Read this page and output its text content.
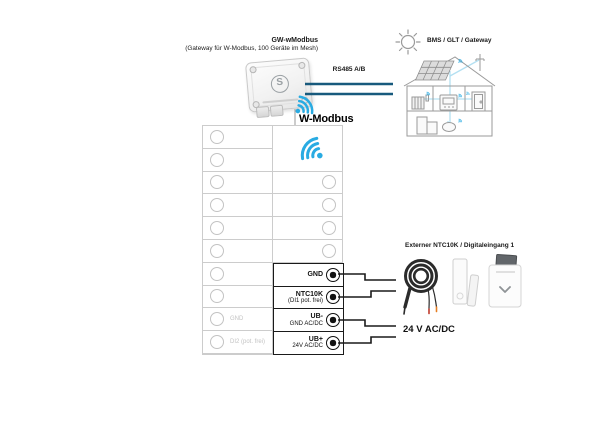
GW-wModbus
(Gateway für W-Modbus, 100 Geräte im Mesh)
S
RS485 A/B
BMS / GLT / Gateway
W-Modbus
GND
DI2 (pot. frei)
GND
NTC10K
(DI1 pot. frei)
UB-
GND AC/DC
UB+
24V AC/DC
Externer NTC10K / Digitaleingang 1
24 V AC/DC
